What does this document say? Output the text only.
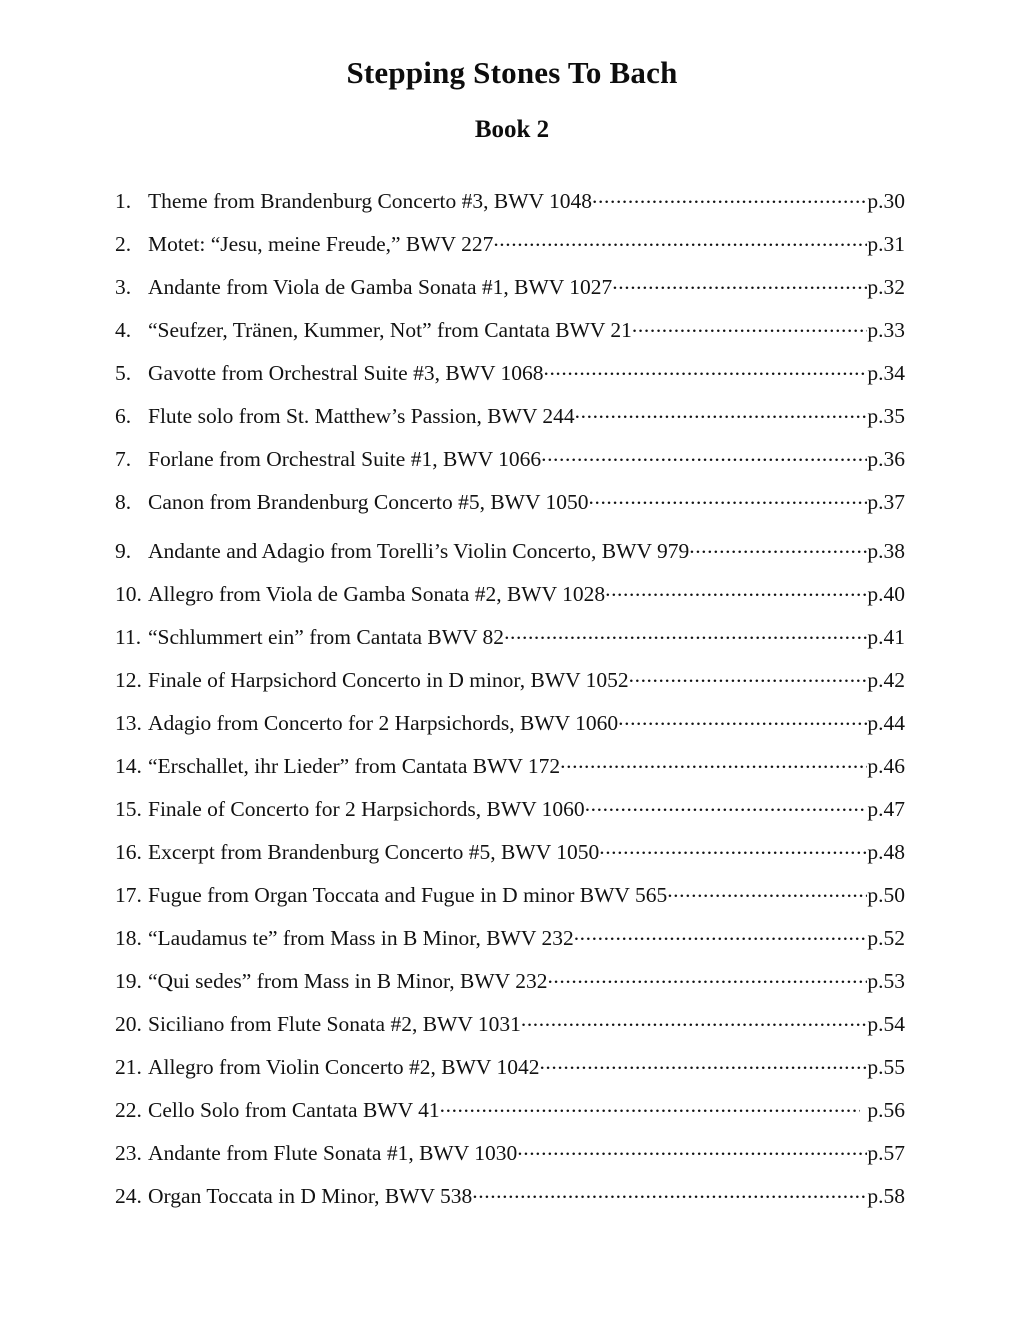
Stepping Stones To Bach
Book 2
1. Theme from Brandenburg Concerto #3, BWV 1048 .....	p.30
2. Motet: “Jesu, meine Freude,” BWV 227 .....	p.31
3. Andante from Viola de Gamba Sonata #1, BWV 1027 .....	p.32
4. “Seufzer, Tränen, Kummer, Not” from Cantata BWV 21 .....	p.33
5. Gavotte from Orchestral Suite #3, BWV 1068 .....	p.34
6. Flute solo from St. Matthew’s Passion, BWV 244 .....	p.35
7. Forlane from Orchestral Suite #1, BWV 1066 .....	p.36
8. Canon from Brandenburg Concerto #5, BWV 1050 .....	p.37
9. Andante and Adagio from Torelli’s Violin Concerto, BWV 979 .....	p.38
10. Allegro from Viola de Gamba Sonata #2, BWV 1028 .....	p.40
11. “Schlummert ein” from Cantata BWV 82 .....	p.41
12. Finale of Harpsichord Concerto in D minor, BWV 1052 .....	p.42
13. Adagio from Concerto for 2 Harpsichords, BWV 1060 .....	p.44
14. “Erschallet, ihr Lieder” from Cantata BWV 172 .....	p.46
15. Finale of Concerto for 2 Harpsichords, BWV 1060 .....	p.47
16. Excerpt from Brandenburg Concerto #5, BWV 1050 .....	p.48
17. Fugue from Organ Toccata and Fugue in D minor BWV 565 .....	p.50
18. “Laudamus te” from Mass in B Minor, BWV 232 .....	p.52
19. “Qui sedes” from Mass in B Minor, BWV 232 .....	p.53
20. Siciliano from Flute Sonata #2, BWV 1031 .....	p.54
21. Allegro from Violin Concerto #2, BWV 1042 .....	p.55
22. Cello Solo from Cantata BWV 41 .....	p.56
23. Andante from Flute Sonata #1, BWV 1030 .....	p.57
24. Organ Toccata in D Minor, BWV 538 .....	p.58
